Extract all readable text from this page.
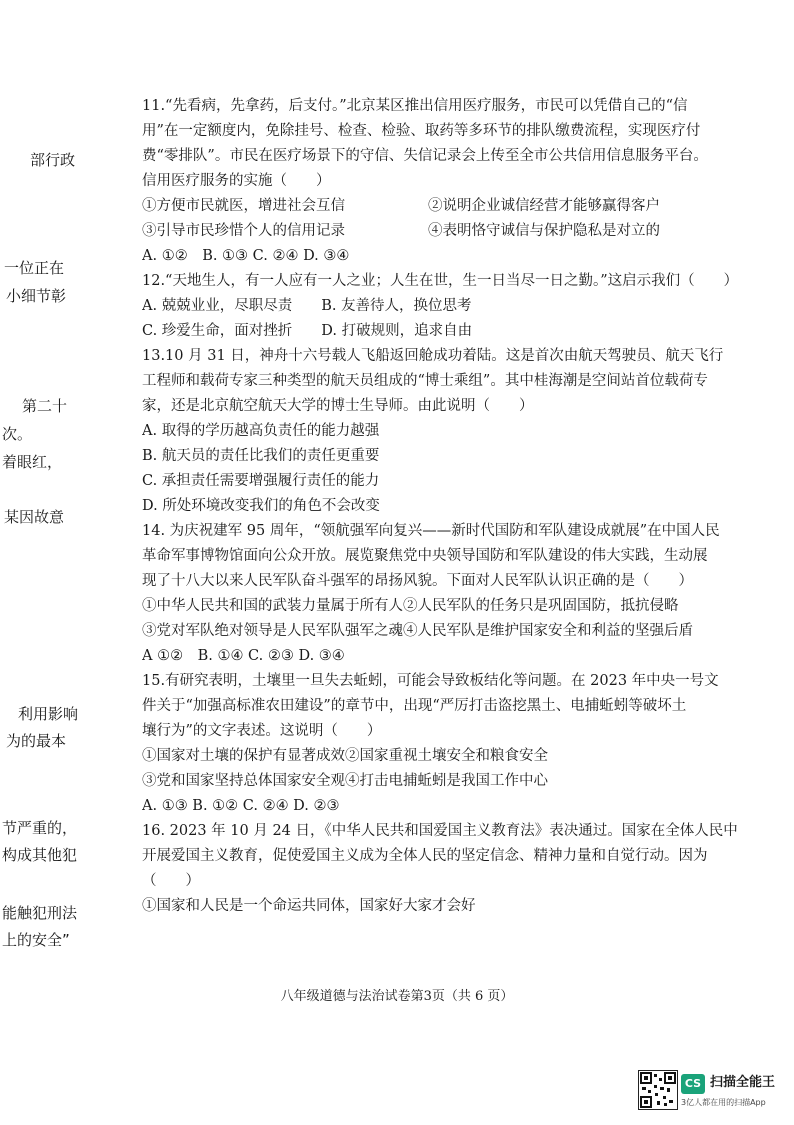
部行政
一位正在
小细节彰
第二十
次。
着眼红，
某因故意
利用影响
为的最本
节严重的，
构成其他犯
能触犯刑法
上的安全”
11.“先看病，先拿药，后支付。”北京某区推出信用医疗服务，市民可以凭借自己的“信
用”在一定额度内，免除挂号、检查、检验、取药等多环节的排队缴费流程，实现医疗付
费“零排队”。市民在医疗场景下的守信、失信记录会上传至全市公共信用信息服务平台。
信用医疗服务的实施（　　）
①方便市民就医，增进社会互信	②说明企业诚信经营才能够赢得客户
③引导市民珍惜个人的信用记录	④表明恪守诚信与保护隐私是对立的
A. ①②　B. ①③ C. ②④ D. ③④
12.“天地生人，有一人应有一人之业；人生在世，生一日当尽一日之勤。”这启示我们（　　）
A. 兢兢业业，尽职尽责　　B. 友善待人，换位思考
C. 珍爱生命，面对挫折　　D. 打破规则，追求自由
13.10 月 31 日，神舟十六号载人飞船返回舱成功着陆。这是首次由航天驾驶员、航天飞行
工程师和载荷专家三种类型的航天员组成的“博士乘组”。其中桂海潮是空间站首位载荷专
家，还是北京航空航天大学的博士生导师。由此说明（　　）
A. 取得的学历越高负责任的能力越强
B. 航天员的责任比我们的责任更重要
C. 承担责任需要增强履行责任的能力
D. 所处环境改变我们的角色不会改变
14. 为庆祝建军 95 周年，“领航强军向复兴——新时代国防和军队建设成就展”在中国人民
革命军事博物馆面向公众开放。展览聚焦党中央领导国防和军队建设的伟大实践，生动展
现了十八大以来人民军队奋斗强军的昂扬风貌。下面对人民军队认识正确的是（　　）
①中华人民共和国的武装力量属于所有人②人民军队的任务只是巩固国防，抵抗侵略
③党对军队绝对领导是人民军队强军之魂④人民军队是维护国家安全和利益的坚强后盾
A ①②　B. ①④ C. ②③ D. ③④
15.有研究表明，土壤里一旦失去蚯蚓，可能会导致板结化等问题。在 2023 年中央一号文
件关于“加强高标准农田建设”的章节中，出现“严厉打击盗挖黑土、电捕蚯蚓等破坏土
壤行为”的文字表述。这说明（　　）
①国家对土壤的保护有显著成效②国家重视土壤安全和粮食安全
③党和国家坚持总体国家安全观④打击电捕蚯蚓是我国工作中心
A. ①③ B. ①② C. ②④ D. ②③
16. 2023 年 10 月 24 日，《中华人民共和国爱国主义教育法》表决通过。国家在全体人民中
开展爱国主义教育，促使爱国主义成为全体人民的坚定信念、精神力量和自觉行动。因为
（　　）
①国家和人民是一个命运共同体，国家好大家才会好
八年级道德与法治试卷第3页（共 6 页）
CS 扫描全能王
3亿人都在用的扫描App
